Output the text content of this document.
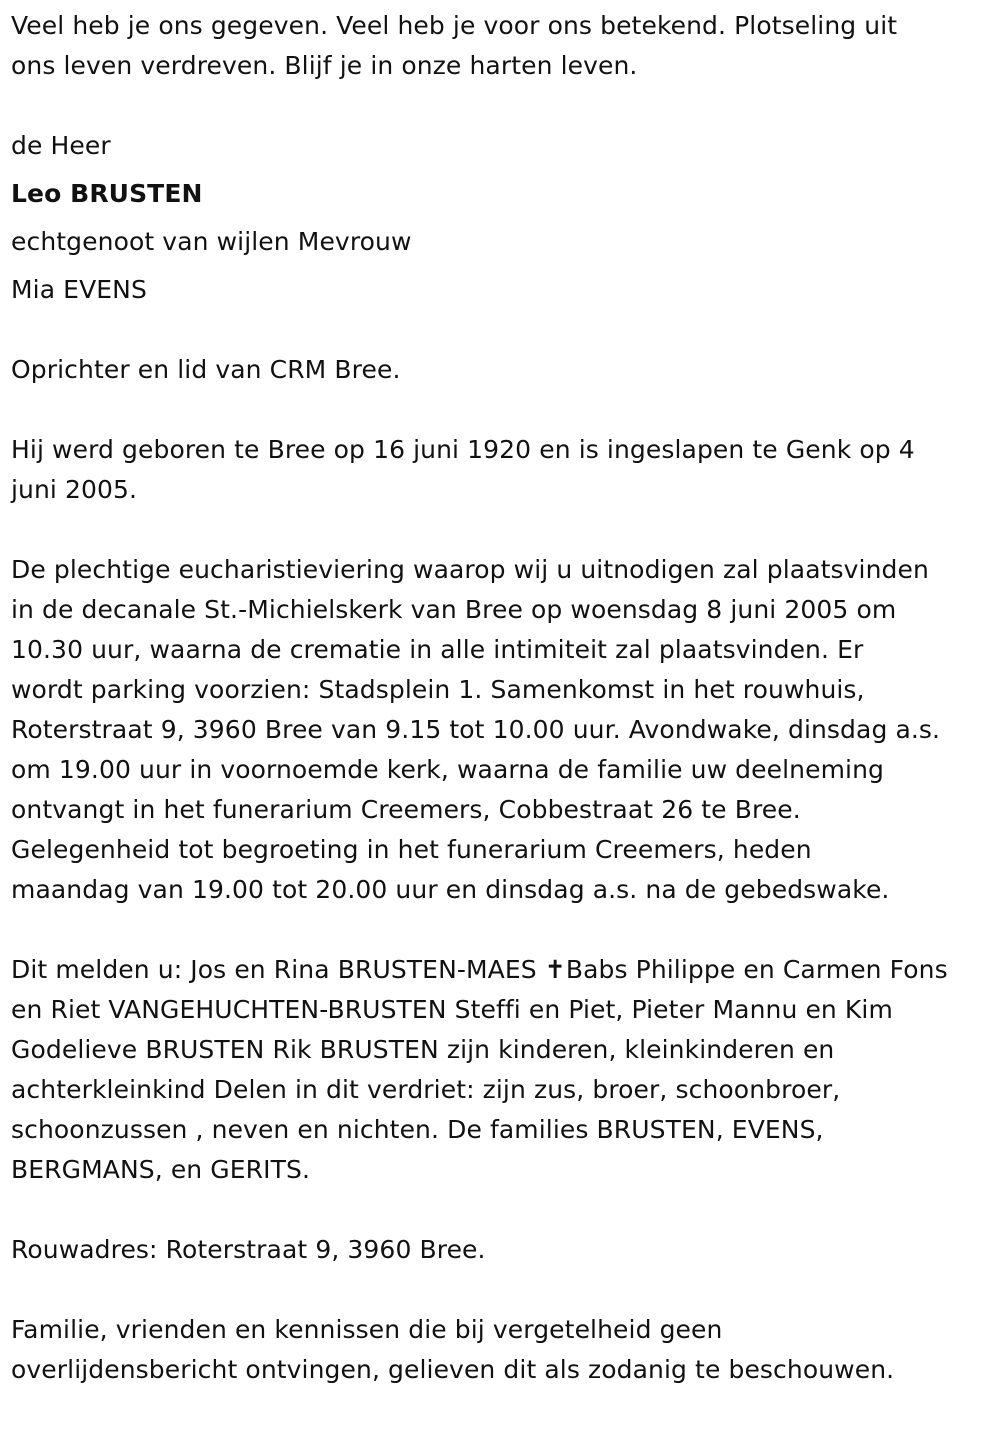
Veel heb je ons gegeven. Veel heb je voor ons betekend. Plotseling uit
ons leven verdreven. Blijf je in onze harten leven.

de Heer

Leo BRUSTEN

echtgenoot van wijlen Mevrouw

Mia EVENS

Oprichter en lid van CRM Bree.

Hij werd geboren te Bree op 16 juni 1920 en is ingeslapen te Genk op 4
juni 2005.

De plechtige eucharistieviering waarop wij u uitnodigen zal plaatsvinden
in de decanale St.-Michielskerk van Bree op woensdag 8 juni 2005 om
10.30 uur, waarna de crematie in alle intimiteit zal plaatsvinden. Er
wordt parking voorzien: Stadsplein 1. Samenkomst in het rouwhuis,
Roterstraat 9, 3960 Bree van 9.15 tot 10.00 uur. Avondwake, dinsdag a.s.
om 19.00 uur in voornoemde kerk, waarna de familie uw deelneming
ontvangt in het funerarium Creemers, Cobbestraat 26 te Bree.
Gelegenheid tot begroeting in het funerarium Creemers, heden
maandag van 19.00 tot 20.00 uur en dinsdag a.s. na de gebedswake.

Dit melden u: Jos en Rina BRUSTEN-MAES ✝Babs Philippe en Carmen Fons
en Riet VANGEHUCHTEN-BRUSTEN Steffi en Piet, Pieter Mannu en Kim
Godelieve BRUSTEN Rik BRUSTEN zijn kinderen, kleinkinderen en
achterkleinkind Delen in dit verdriet: zijn zus, broer, schoonbroer,
schoonzussen , neven en nichten. De families BRUSTEN, EVENS,
BERGMANS, en GERITS.

Rouwadres: Roterstraat 9, 3960 Bree.

Familie, vrienden en kennissen die bij vergetelheid geen
overlijdensbericht ontvingen, gelieven dit als zodanig te beschouwen.
